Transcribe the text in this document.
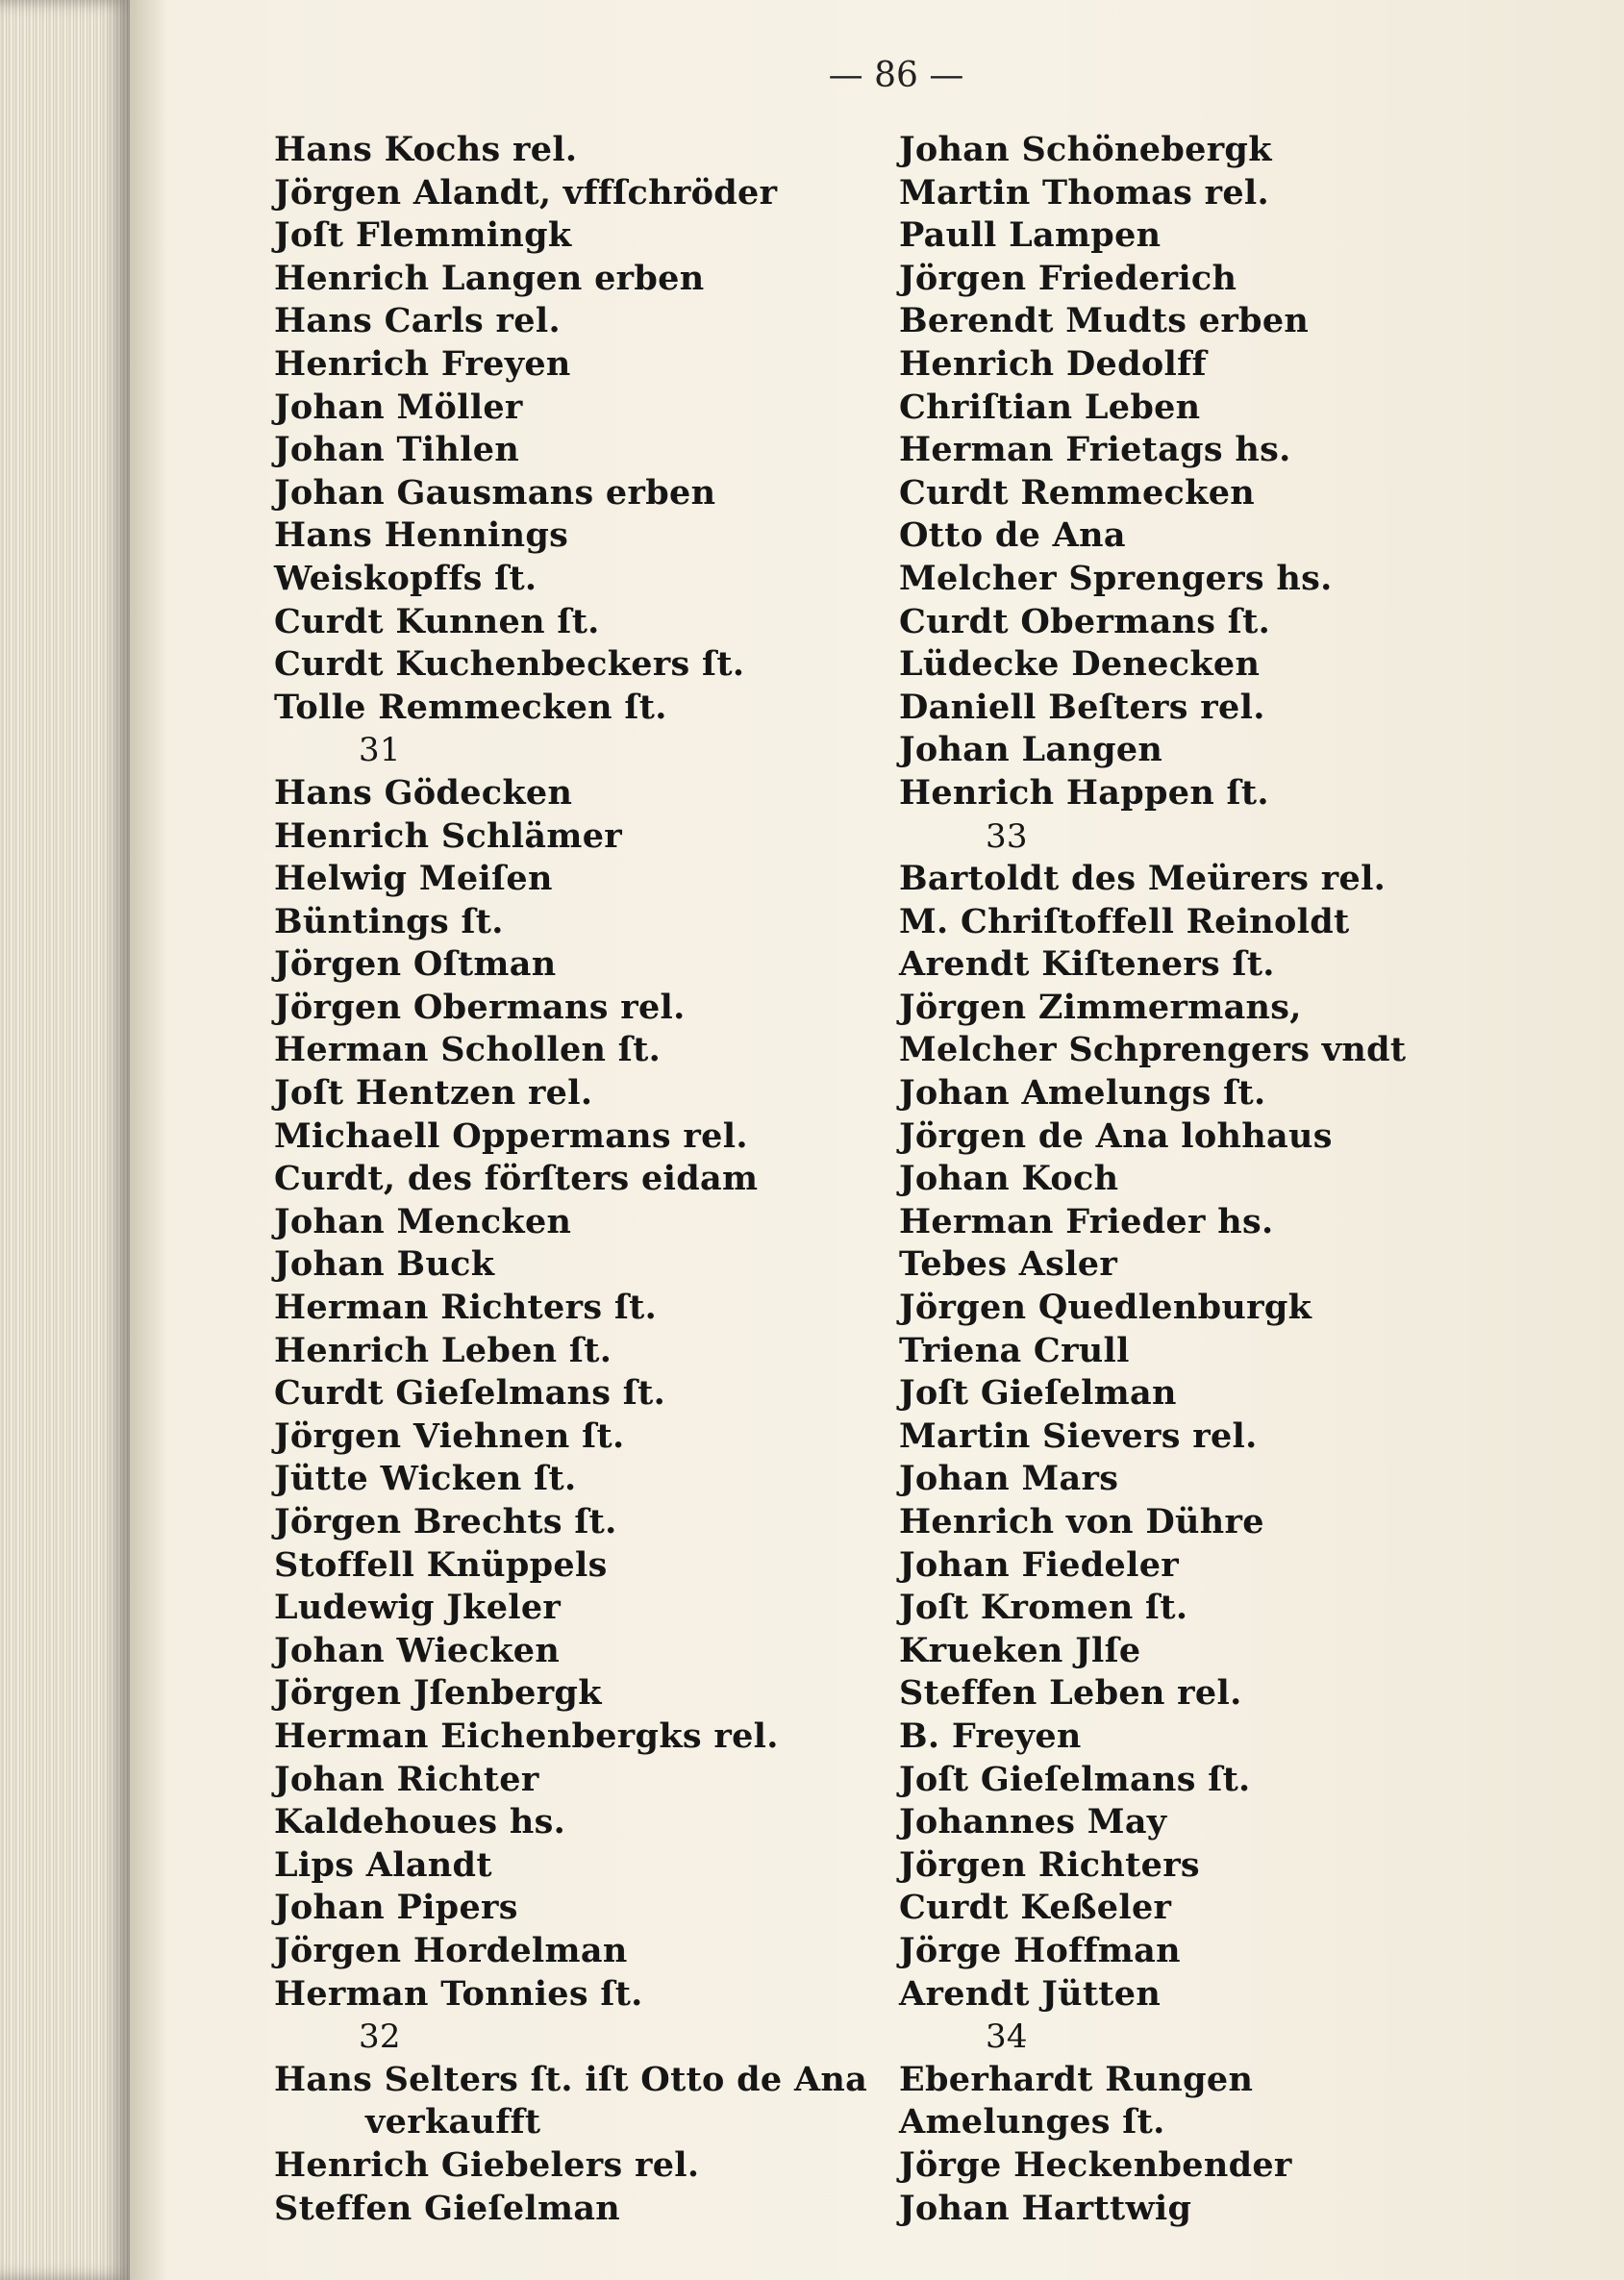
— 86 —
Hans Kochs rel.
Jörgen Alandt, vffſchröder
Joſt Flemmingk
Henrich Langen erben
Hans Carls rel.
Henrich Freyen
Johan Möller
Johan Tihlen
Johan Gausmans erben
Hans Hennings
Weiskopffs ſt.
Curdt Kunnen ſt.
Curdt Kuchenbeckers ſt.
Tolle Remmecken ſt.
31
Hans Gödecken
Henrich Schlämer
Helwig Meiſen
Büntings ſt.
Jörgen Oſtman
Jörgen Obermans rel.
Herman Schollen ſt.
Joſt Hentzen rel.
Michaell Oppermans rel.
Curdt, des förſters eidam
Johan Mencken
Johan Buck
Herman Richters ſt.
Henrich Leben ſt.
Curdt Gieſelmans ſt.
Jörgen Viehnen ſt.
Jütte Wicken ſt.
Jörgen Brechts ſt.
Stoffell Knüppels
Ludewig Jkeler
Johan Wiecken
Jörgen Jſenbergk
Herman Eichenbergks rel.
Johan Richter
Kaldehoues hs.
Lips Alandt
Johan Pipers
Jörgen Hordelman
Herman Tonnies ſt.
32
Hans Selters ſt. iſt Otto de Ana
verkaufft
Henrich Giebelers rel.
Steffen Gieſelman
Johan Schönebergk
Martin Thomas rel.
Paull Lampen
Jörgen Friederich
Berendt Mudts erben
Henrich Dedolff
Chriſtian Leben
Herman Frietags hs.
Curdt Remmecken
Otto de Ana
Melcher Sprengers hs.
Curdt Obermans ſt.
Lüdecke Denecken
Daniell Beſters rel.
Johan Langen
Henrich Happen ſt.
33
Bartoldt des Meürers rel.
M. Chriſtoffell Reinoldt
Arendt Kiſteners ſt.
Jörgen Zimmermans,
Melcher Schprengers vndt
Johan Amelungs ſt.
Jörgen de Ana lohhaus
Johan Koch
Herman Frieder hs.
Tebes Asler
Jörgen Quedlenburgk
Triena Crull
Joſt Gieſelman
Martin Sievers rel.
Johan Mars
Henrich von Dühre
Johan Fiedeler
Joſt Kromen ſt.
Krueken Jlſe
Steffen Leben rel.
B. Freyen
Joſt Gieſelmans ſt.
Johannes May
Jörgen Richters
Curdt Keßeler
Jörge Hoffman
Arendt Jütten
34
Eberhardt Rungen
Amelunges ſt.
Jörge Heckenbender
Johan Harttwig
